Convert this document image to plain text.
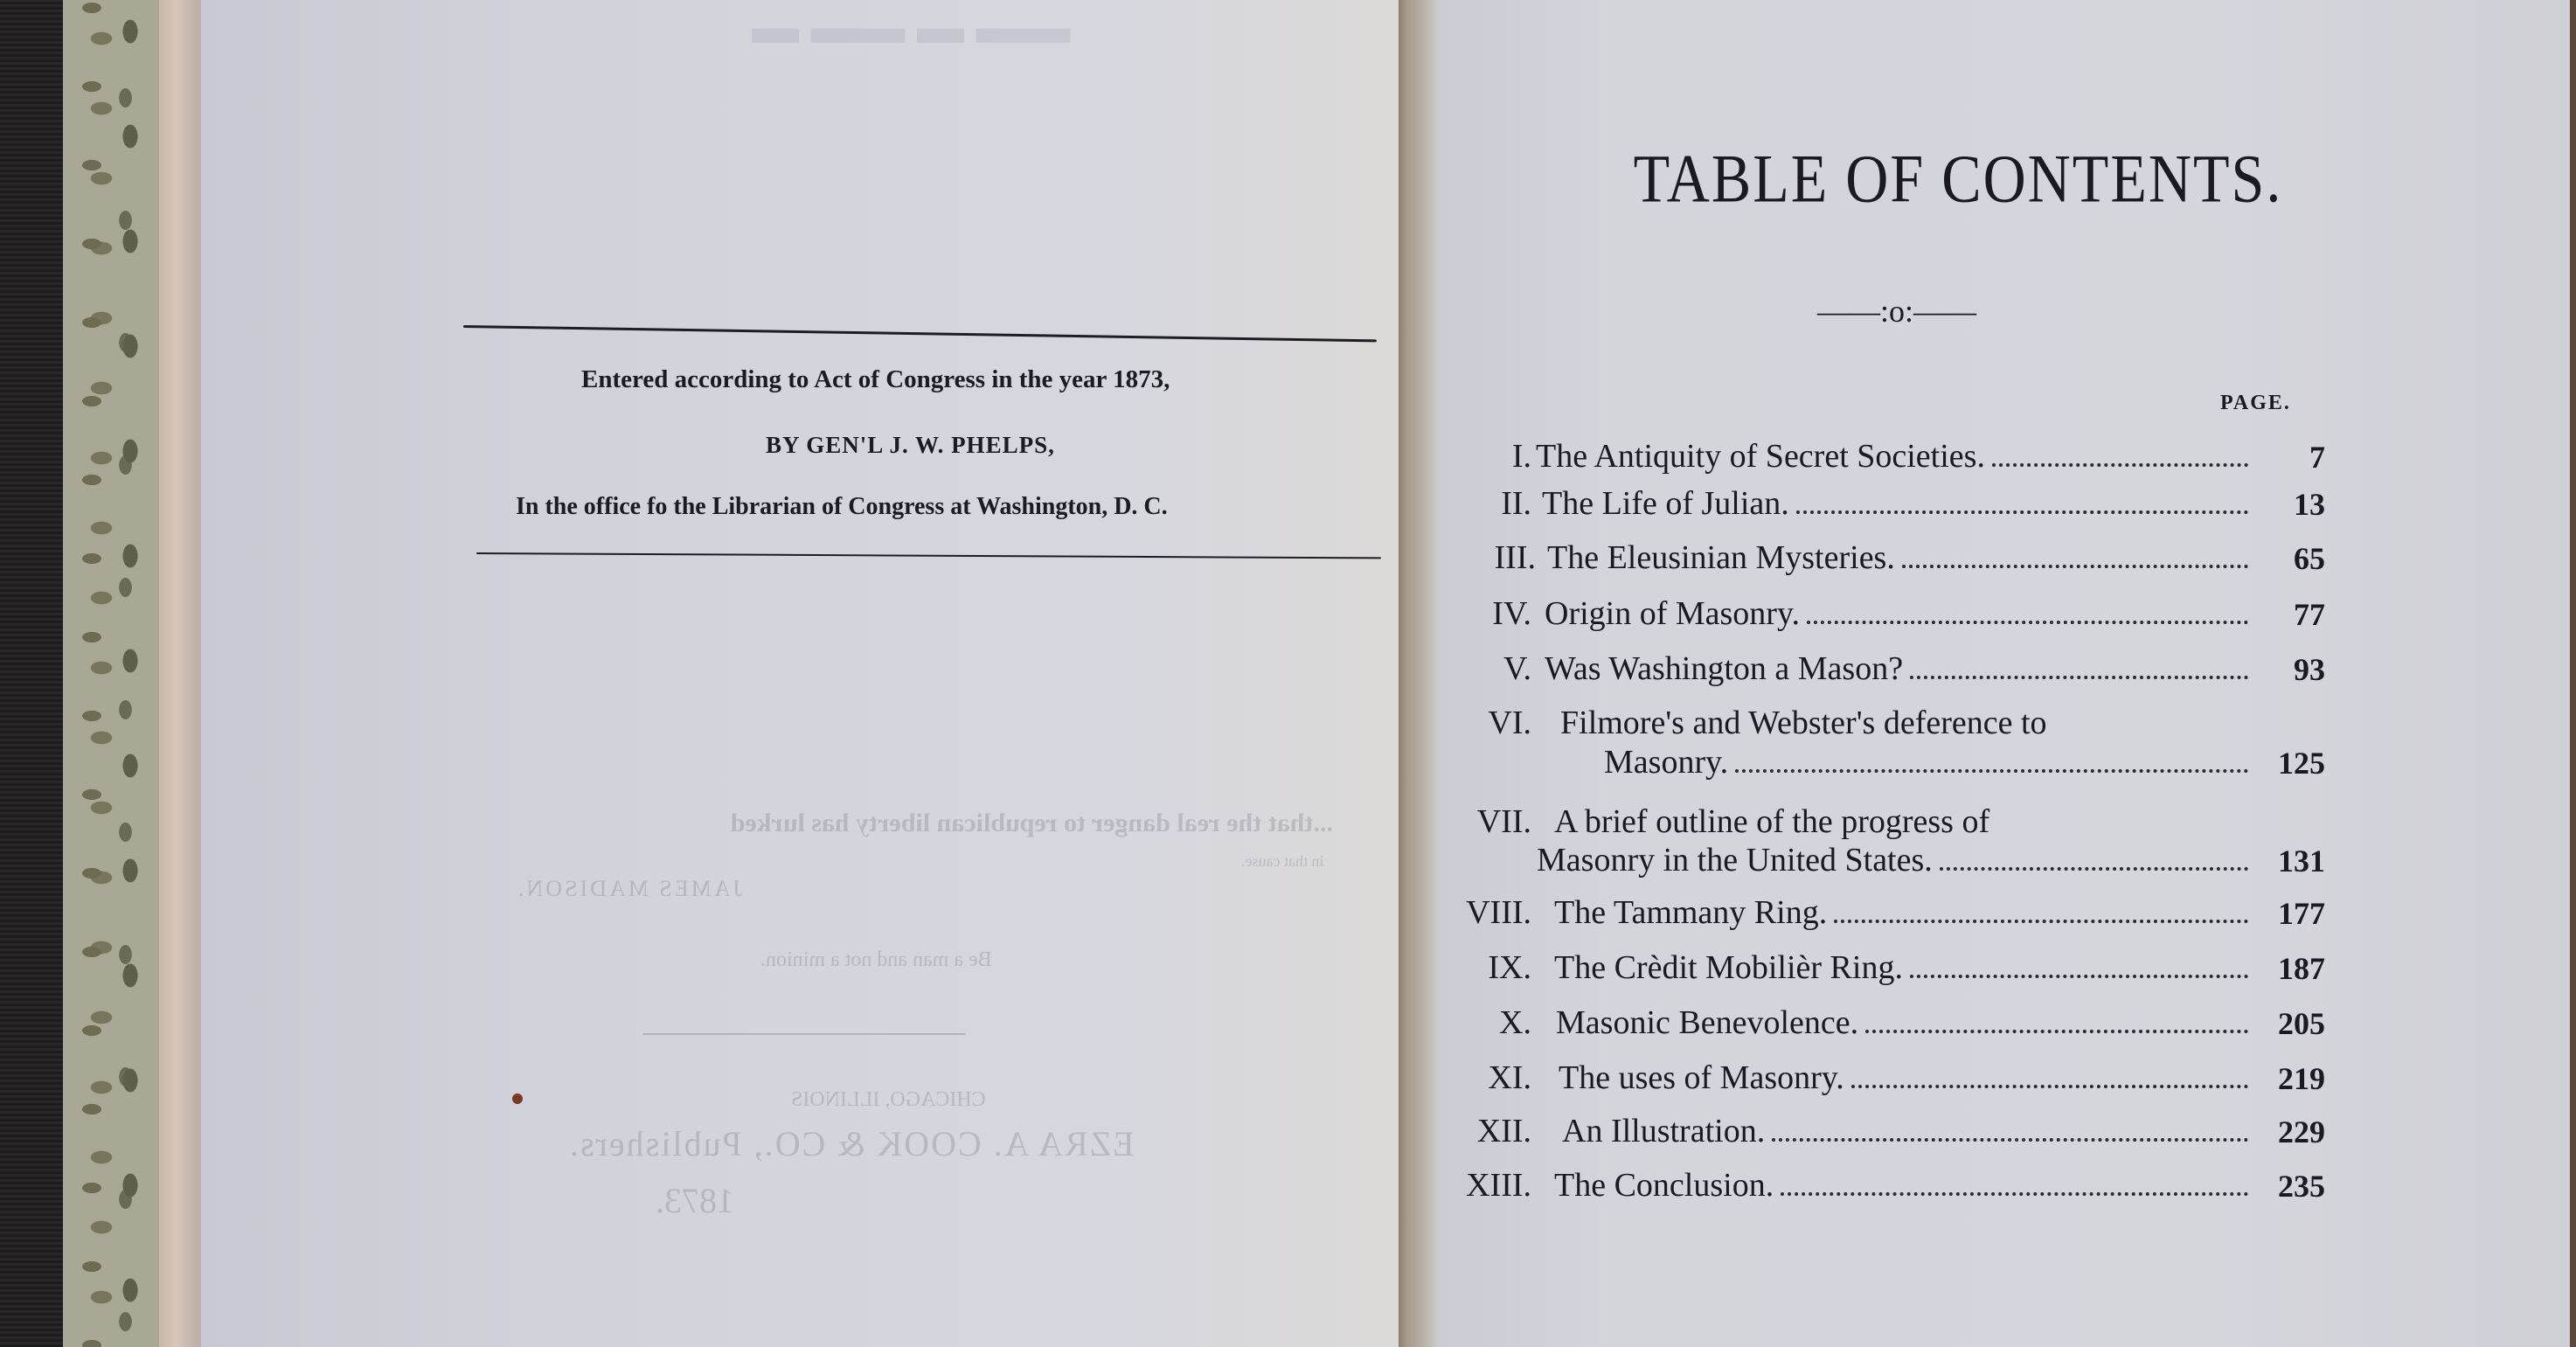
▬ ▬▬ ▬ ▬▬
Entered according to Act of Congress in the year 1873,
BY GEN'L J. W. PHELPS,
In the office fo the Librarian of Congress at Washington, D. C.
...that the real danger to republican liberty has lurked
in that cause.
JAMES MADISON.
Be a man and not a minion.
CHICAGO, ILLINOIS
EZRA A. COOK & CO., Publishers.
1873.
TABLE OF CONTENTS.
——:o:——
PAGE.
I. The Antiquity of Secret Societies.	7
II. The Life of Julian.	13
III. The Eleusinian Mysteries.	65
IV. Origin of Masonry.	77
V. Was Washington a Mason?	93
VI. Filmore's and Webster's deference to
Masonry.	125
VII. A brief outline of the progress of
Masonry in the United States.	131
VIII. The Tammany Ring.	177
IX. The Crèdit Mobilièr Ring.	187
X. Masonic Benevolence.	205
XI. The uses of Masonry.	219
XII. An Illustration.	229
XIII. The Conclusion.	235
